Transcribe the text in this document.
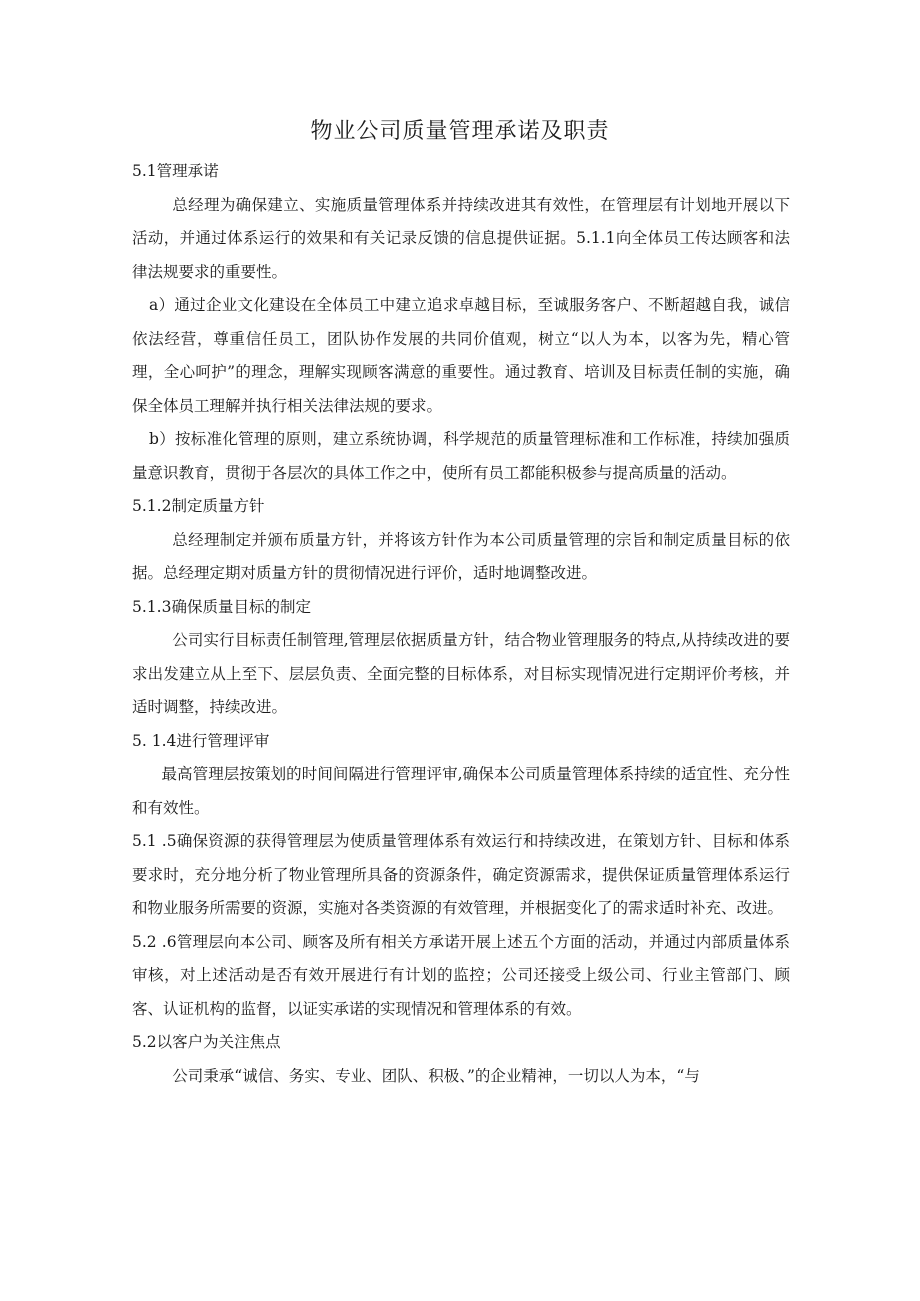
物业公司质量管理承诺及职责

5.1管理承诺

总经理为确保建立、实施质量管理体系并持续改进其有效性，在管理层有计划地开展以下活动，并通过体系运行的效果和有关记录反馈的信息提供证据。5.1.1向全体员工传达顾客和法律法规要求的重要性。

a）通过企业文化建设在全体员工中建立追求卓越目标，至诚服务客户、不断超越自我，诚信依法经营，尊重信任员工，团队协作发展的共同价值观，树立“以人为本，以客为先，精心管理，全心呵护”的理念，理解实现顾客满意的重要性。通过教育、培训及目标责任制的实施，确保全体员工理解并执行相关法律法规的要求。

b）按标准化管理的原则，建立系统协调，科学规范的质量管理标准和工作标准，持续加强质量意识教育，贯彻于各层次的具体工作之中，使所有员工都能积极参与提高质量的活动。

5.1.2制定质量方针

总经理制定并颁布质量方针，并将该方针作为本公司质量管理的宗旨和制定质量目标的依据。总经理定期对质量方针的贯彻情况进行评价，适时地调整改进。

5.1.3确保质量目标的制定

公司实行目标责任制管理,管理层依据质量方针，结合物业管理服务的特点,从持续改进的要求出发建立从上至下、层层负责、全面完整的目标体系，对目标实现情况进行定期评价考核，并适时调整，持续改进。

5. 1.4进行管理评审

最高管理层按策划的时间间隔进行管理评审,确保本公司质量管理体系持续的适宜性、充分性和有效性。

5.1 .5确保资源的获得管理层为使质量管理体系有效运行和持续改进，在策划方针、目标和体系要求时，充分地分析了物业管理所具备的资源条件，确定资源需求，提供保证质量管理体系运行和物业服务所需要的资源，实施对各类资源的有效管理，并根据变化了的需求适时补充、改进。

5.2 .6管理层向本公司、顾客及所有相关方承诺开展上述五个方面的活动，并通过内部质量体系审核，对上述活动是否有效开展进行有计划的监控；公司还接受上级公司、行业主管部门、顾客、认证机构的监督，以证实承诺的实现情况和管理体系的有效。

5.2以客户为关注焦点

公司秉承“诚信、务实、专业、团队、积极、”的企业精神，一切以人为本，“与
